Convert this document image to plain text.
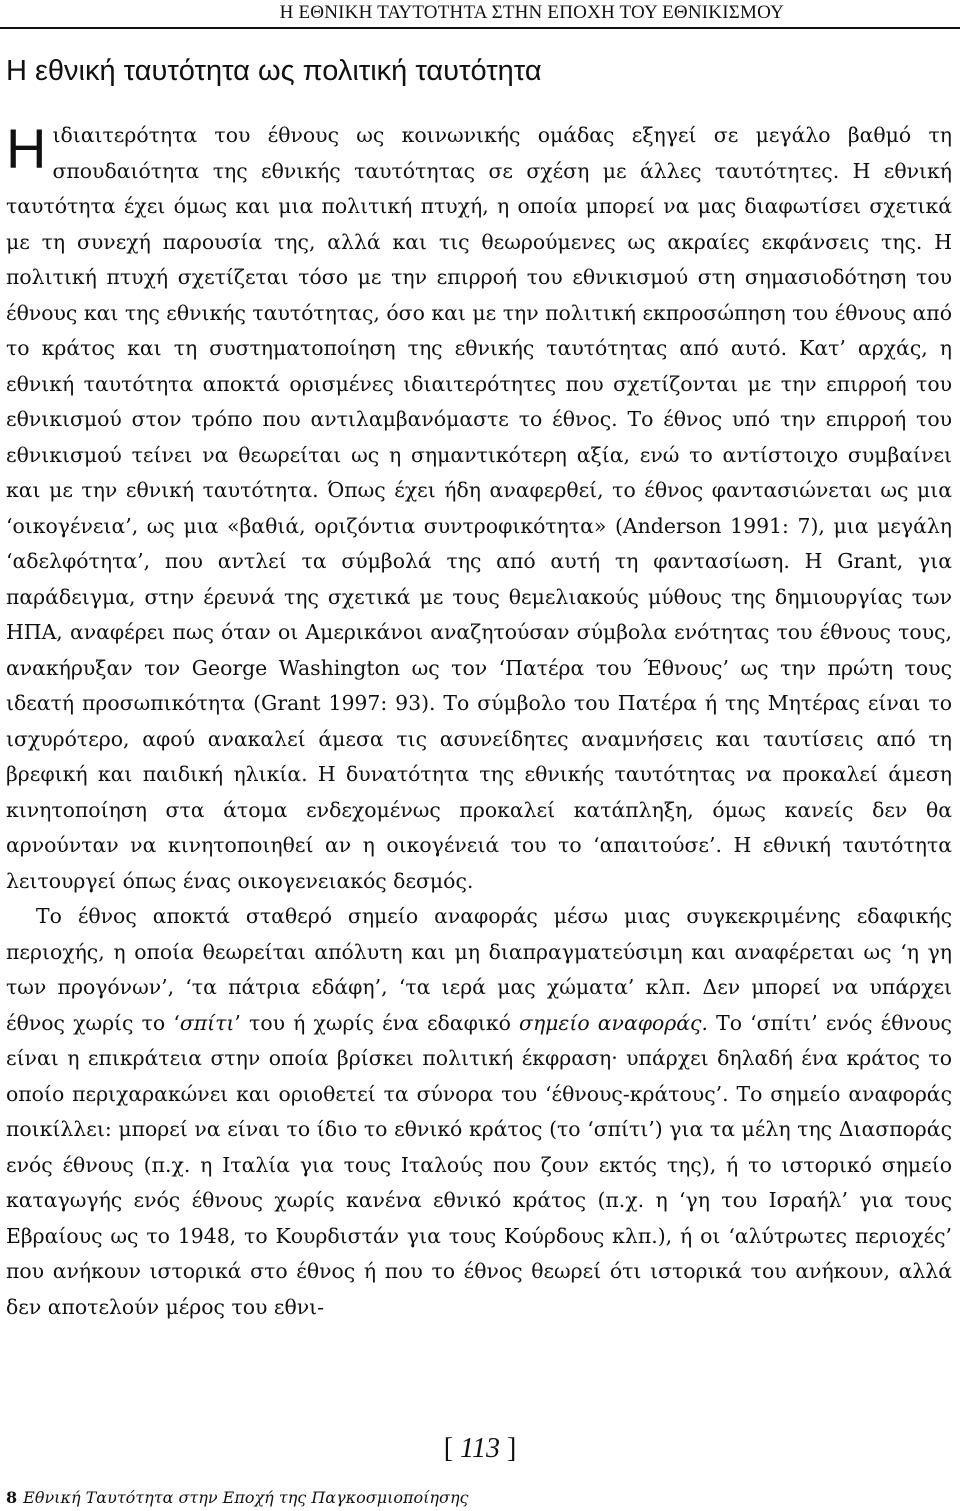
Η ΕΘΝΙΚΗ ΤΑΥΤΟΤΗΤΑ ΣΤΗΝ ΕΠΟΧΗ ΤΟΥ ΕΘΝΙΚΙΣΜΟΥ
Η εθνική ταυτότητα ως πολιτική ταυτότητα

Ηιδιαιτερότητα του έθνους ως κοινωνικής ομάδας εξηγεί σε μεγάλο βαθμό τη σπουδαιότητα της εθνικής ταυτότητας σε σχέση με άλλες ταυτότητες. Η εθνική ταυτότητα έχει όμως και μια πολιτική πτυχή, η οποία μπορεί να μας διαφωτίσει σχετικά με τη συνεχή παρουσία της, αλλά και τις θεωρούμενες ως ακραίες εκφάνσεις της. Η πολιτική πτυχή σχετίζεται τόσο με την επιρροή του εθνικισμού στη σημασιοδότηση του έθνους και της εθνικής ταυτότητας, όσο και με την πολιτική εκπροσώπηση του έθνους από το κράτος και τη συστηματοποίηση της εθνικής ταυτότητας από αυτό. Κατ’ αρχάς, η εθνική ταυτότητα αποκτά ορισμένες ιδιαιτερότητες που σχετίζονται με την επιρροή του εθνικισμού στον τρόπο που αντιλαμβανόμαστε το έθνος. Το έθνος υπό την επιρροή του εθνικισμού τείνει να θεωρείται ως η σημαντικότερη αξία, ενώ το αντίστοιχο συμβαίνει και με την εθνική ταυτότητα. Όπως έχει ήδη αναφερθεί, το έθνος φαντασιώνεται ως μια ‘οικογένεια’, ως μια «βαθιά, οριζόντια συντροφικότητα» (Anderson 1991: 7), μια μεγάλη ‘αδελφότητα’, που αντλεί τα σύμβολά της από αυτή τη φαντασίωση. Η Grant, για παράδειγμα, στην έρευνά της σχετικά με τους θεμελιακούς μύθους της δημιουργίας των ΗΠΑ, αναφέρει πως όταν οι Αμερικάνοι αναζητούσαν σύμβολα ενότητας του έθνους τους, ανακήρυξαν τον George Washington ως τον ‘Πατέρα του Έθνους’ ως την πρώτη τους ιδεατή προσωπικότητα (Grant 1997: 93). Το σύμβολο του Πατέρα ή της Μητέρας είναι το ισχυρότερο, αφού ανακαλεί άμεσα τις ασυνείδητες αναμνήσεις και ταυτίσεις από τη βρεφική και παιδική ηλικία. Η δυνατότητα της εθνικής ταυτότητας να προκαλεί άμεση κινητοποίηση στα άτομα ενδεχομένως προκαλεί κατάπληξη, όμως κανείς δεν θα αρνούνταν να κινητοποιηθεί αν η οικογένειά του το ‘απαιτούσε’. Η εθνική ταυτότητα λειτουργεί όπως ένας οικογενειακός δεσμός.

Το έθνος αποκτά σταθερό σημείο αναφοράς μέσω μιας συγκεκριμένης εδαφικής περιοχής, η οποία θεωρείται απόλυτη και μη διαπραγματεύσιμη και αναφέρεται ως ‘η γη των προγόνων’, ‘τα πάτρια εδάφη’, ‘τα ιερά μας χώματα’ κλπ. Δεν μπορεί να υπάρχει έθνος χωρίς το ‘σπίτι’ του ή χωρίς ένα εδαφικό σημείο αναφοράς. Το ‘σπίτι’ ενός έθνους είναι η επικράτεια στην οποία βρίσκει πολιτική έκφραση· υπάρχει δηλαδή ένα κράτος το οποίο περιχαρακώνει και οριοθετεί τα σύνορα του ‘έθνους-κράτους’. Το σημείο αναφοράς ποικίλλει: μπορεί να είναι το ίδιο το εθνικό κράτος (το ‘σπίτι’) για τα μέλη της Διασποράς ενός έθνους (π.χ. η Ιταλία για τους Ιταλούς που ζουν εκτός της), ή το ιστορικό σημείο καταγωγής ενός έθνους χωρίς κανένα εθνικό κράτος (π.χ. η ‘γη του Ισραήλ’ για τους Εβραίους ως το 1948, το Κουρδιστάν για τους Κούρδους κλπ.), ή οι ‘αλύτρωτες περιοχές’ που ανήκουν ιστορικά στο έθνος ή που το έθνος θεωρεί ότι ιστορικά του ανήκουν, αλλά δεν αποτελούν μέρος του εθνι-

[ 113 ]
8 Εθνική Ταυτότητα στην Εποχή της Παγκοσμιοποίησης
